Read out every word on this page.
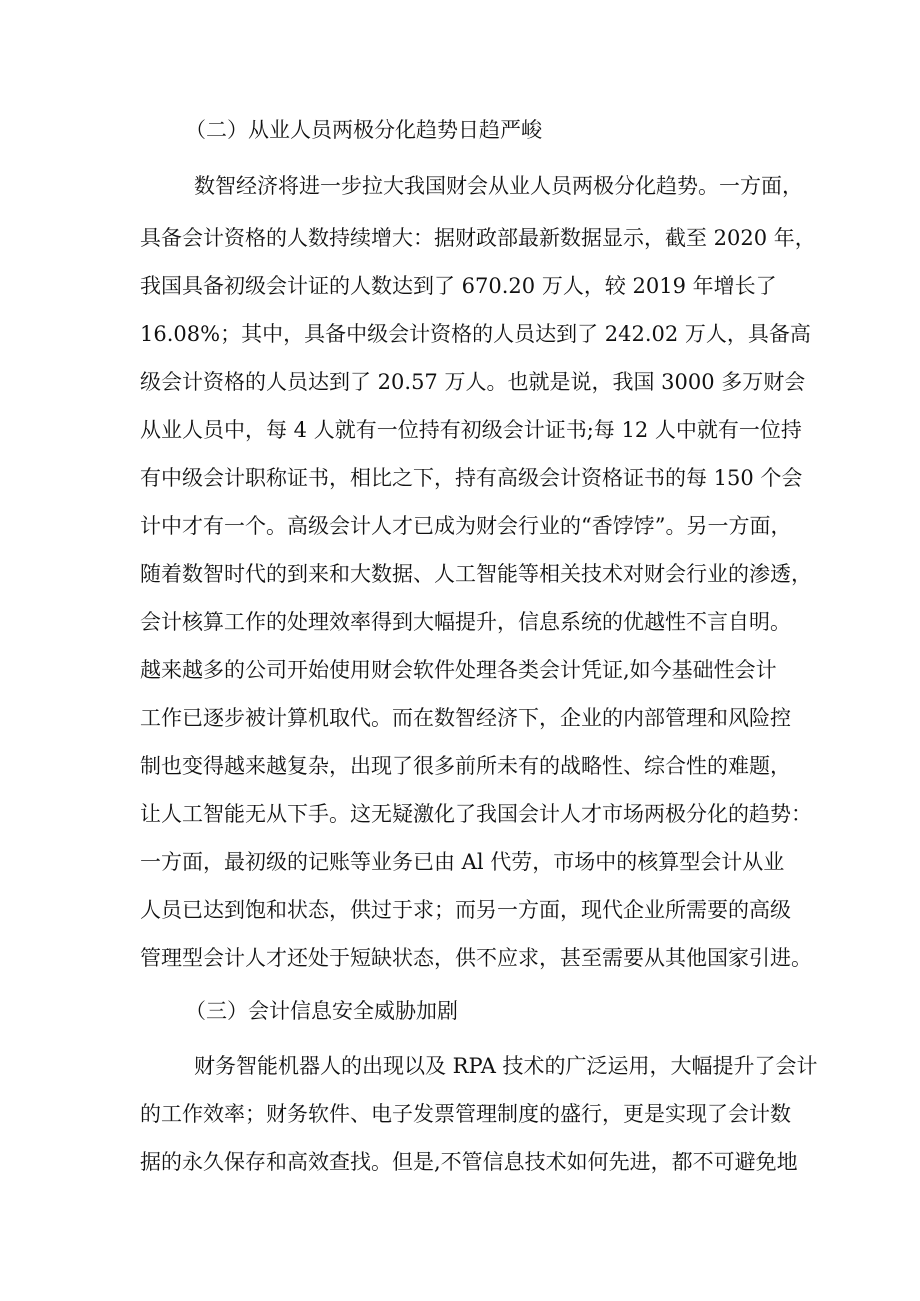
（二）从业人员两极分化趋势日趋严峻
数智经济将进一步拉大我国财会从业人员两极分化趋势。一方面，
具备会计资格的人数持续增大：据财政部最新数据显示，截至 2020 年，
我国具备初级会计证的人数达到了 670.20 万人，较 2019 年增长了
16.08%；其中，具备中级会计资格的人员达到了 242.02 万人，具备高
级会计资格的人员达到了 20.57 万人。也就是说，我国 3000 多万财会
从业人员中，每 4 人就有一位持有初级会计证书;每 12 人中就有一位持
有中级会计职称证书，相比之下，持有高级会计资格证书的每 150 个会
计中才有一个。高级会计人才已成为财会行业的“香饽饽”。另一方面，
随着数智时代的到来和大数据、人工智能等相关技术对财会行业的渗透，
会计核算工作的处理效率得到大幅提升，信息系统的优越性不言自明。
越来越多的公司开始使用财会软件处理各类会计凭证,如今基础性会计
工作已逐步被计算机取代。而在数智经济下，企业的内部管理和风险控
制也变得越来越复杂，出现了很多前所未有的战略性、综合性的难题，
让人工智能无从下手。这无疑激化了我国会计人才市场两极分化的趋势：
一方面，最初级的记账等业务已由 Al 代劳，市场中的核算型会计从业
人员已达到饱和状态，供过于求；而另一方面，现代企业所需要的高级
管理型会计人才还处于短缺状态，供不应求，甚至需要从其他国家引进。
（三）会计信息安全威胁加剧
财务智能机器人的出现以及 RPA 技术的广泛运用，大幅提升了会计
的工作效率；财务软件、电子发票管理制度的盛行，更是实现了会计数
据的永久保存和高效查找。但是,不管信息技术如何先进，都不可避免地
